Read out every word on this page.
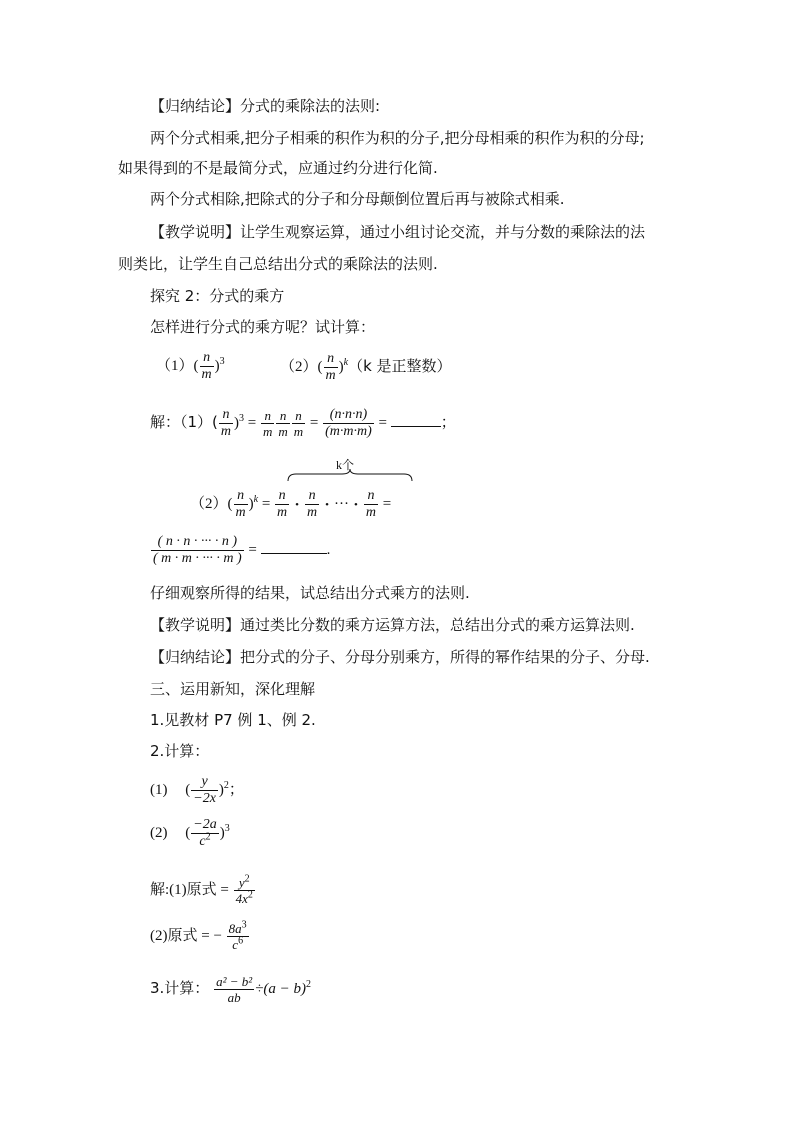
【归纳结论】分式的乘除法的法则:
两个分式相乘,把分子相乘的积作为积的分子,把分母相乘的积作为积的分母;
如果得到的不是最简分式，应通过约分进行化简.
两个分式相除,把除式的分子和分母颠倒位置后再与被除式相乘.
【教学说明】让学生观察运算，通过小组讨论交流，并与分数的乘除法的法
则类比，让学生自己总结出分式的乘除法的法则.
探究 2：分式的乘方
怎样进行分式的乘方呢？试计算：
$(1)( \frac{n}{m} )^3$	$(2)( \frac{n}{m} )^k(k$ 是正整数）
解：$(1)( \frac{n}{m} )^3 = \frac{n}{m} \frac{n}{m} \frac{n}{m} = \frac{(n\cdot n\cdot n)}{(m\cdot m\cdot m)}$ =	；
k个
$(2)( \frac{n}{m} )^k = \frac{n}{m}$ • $\frac{n}{m}$ • ··· • $\frac{n}{m}$ =
$\frac{( n \cdot n \cdot \cdot\cdot\cdot \cdot n )}{( m \cdot m \cdot \cdot\cdot\cdot \cdot m )}$ =	.
仔细观察所得的结果，试总结出分式乘方的法则.
【教学说明】通过类比分数的乘方运算方法，总结出分式的乘方运算法则.
【归纳结论】把分式的分子、分母分别乘方，所得的幂作结果的分子、分母.
三、运用新知，深化理解
1.见教材 P7 例 1、例 2.
2.计算：
(1) ( $\frac{y}{-2x} )^2$；
(2) ( $\frac{-2a}{c^2} )^3$
解:(1)原式 = $\frac{y^2}{4x^2}$
(2)原式 = − $\frac{8a^3}{c^6}$
3.计算： $\frac{\text{a² − b²}}{ab} \div(a - b)^2$
